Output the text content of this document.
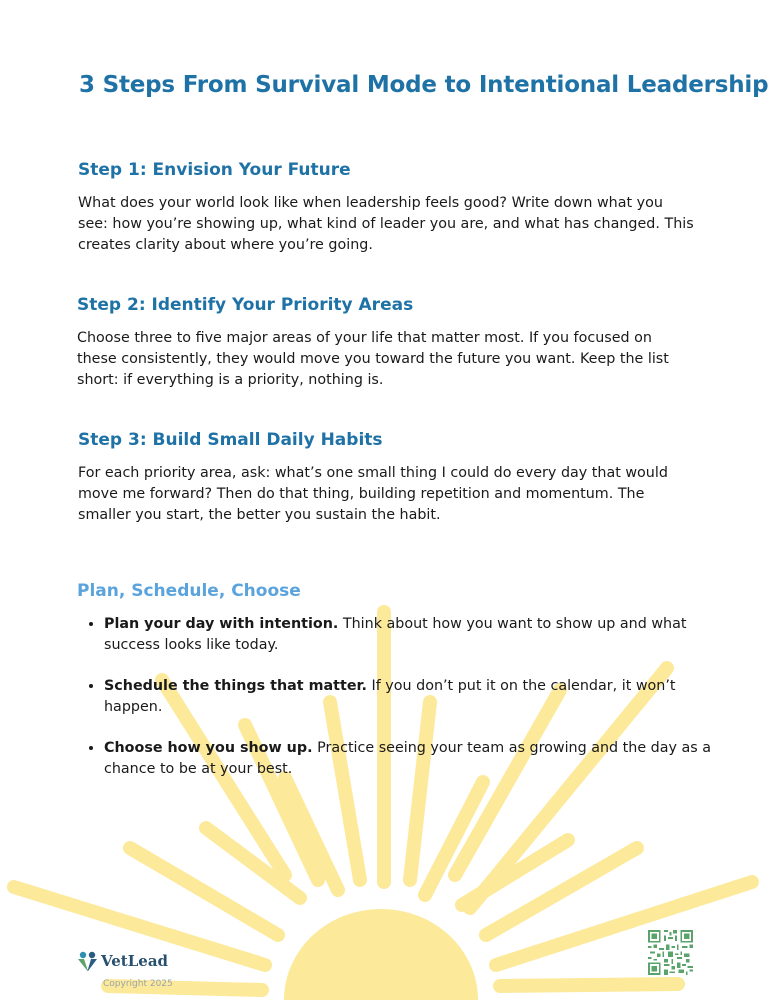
3 Steps From Survival Mode to Intentional Leadership
Step 1: Envision Your Future

What does your world look like when leadership feels good? Write down what you see: how you’re showing up, what kind of leader you are, and what has changed. This creates clarity about where you’re going.

Step 2: Identify Your Priority Areas

Choose three to five major areas of your life that matter most. If you focused on these consistently, they would move you toward the future you want. Keep the list short: if everything is a priority, nothing is.

Step 3: Build Small Daily Habits

For each priority area, ask: what’s one small thing I could do every day that would move me forward? Then do that thing, building repetition and momentum. The smaller you start, the better you sustain the habit.

Plan, Schedule, Choose
• Plan your day with intention. Think about how you want to show up and what success looks like today.
• Schedule the things that matter. If you don’t put it on the calendar, it won’t happen.
• Choose how you show up. Practice seeing your team as growing and the day as a chance to be at your best.
VetLead
Copyright 2025
